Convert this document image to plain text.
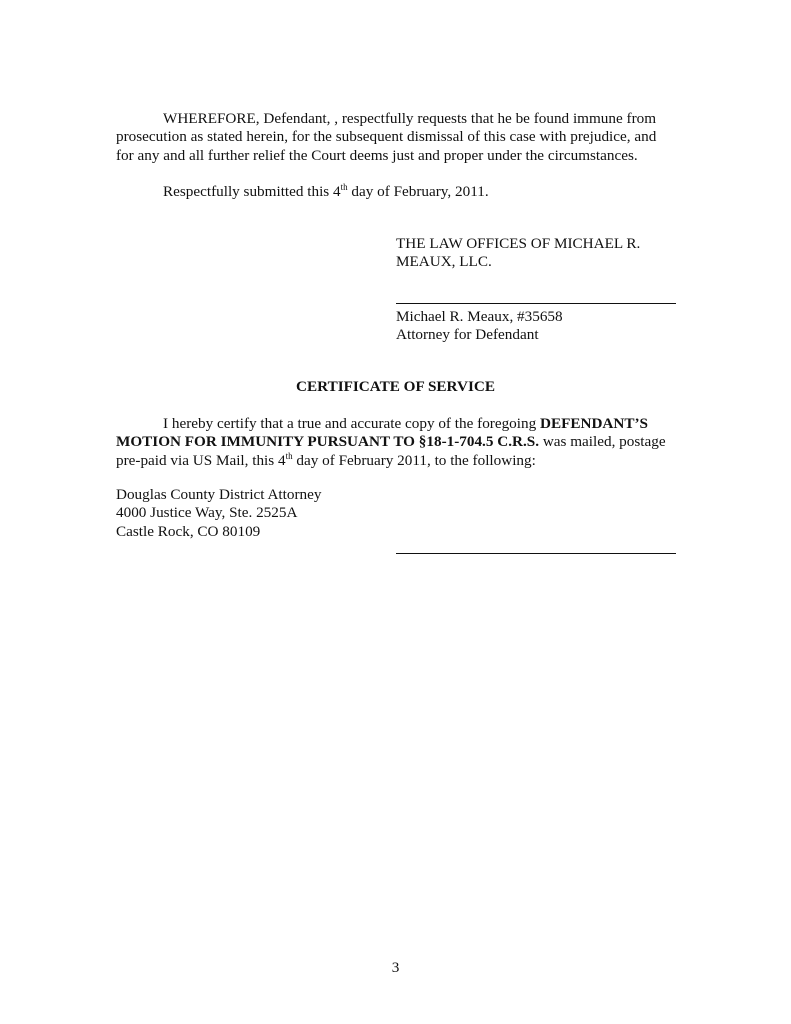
WHEREFORE, Defendant, , respectfully requests that he be found immune from prosecution as stated herein, for the subsequent dismissal of this case with prejudice, and for any and all further relief the Court deems just and proper under the circumstances.

Respectfully submitted this 4th day of February, 2011.

THE LAW OFFICES OF MICHAEL R.
MEAUX, LLC.
Michael R. Meaux, #35658
Attorney for Defendant
CERTIFICATE OF SERVICE

I hereby certify that a true and accurate copy of the foregoing DEFENDANT’S MOTION FOR IMMUNITY PURSUANT TO §18-1-704.5 C.R.S. was mailed, postage pre-paid via US Mail, this 4th day of February 2011, to the following:

Douglas County District Attorney
4000 Justice Way, Ste. 2525A
Castle Rock, CO 80109
3
